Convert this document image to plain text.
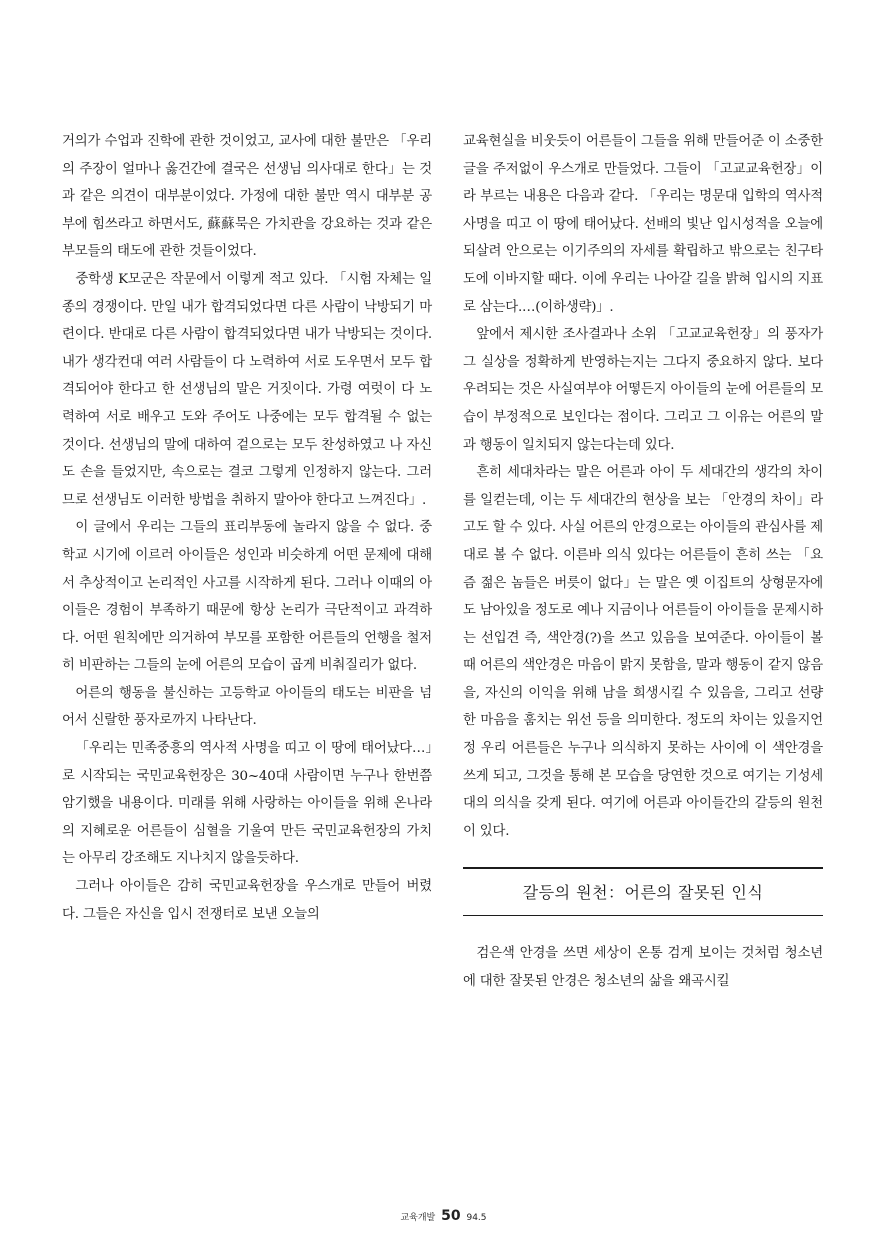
거의가 수업과 진학에 관한 것이었고, 교사에 대한 불만은 「우리의 주장이 얼마나 옳건간에 결국은 선생님 의사대로 한다」는 것과 같은 의견이 대부분이었다. 가정에 대한 불만 역시 대부분 공부에 힘쓰라고 하면서도, 蘇蘇묵은 가치관을 강요하는 것과 같은 부모들의 태도에 관한 것들이었다.

중학생 K모군은 작문에서 이렇게 적고 있다. 「시험 자체는 일종의 경쟁이다. 만일 내가 합격되었다면 다른 사람이 낙방되기 마련이다. 반대로 다른 사람이 합격되었다면 내가 낙방되는 것이다. 내가 생각컨대 여러 사람들이 다 노력하여 서로 도우면서 모두 합격되어야 한다고 한 선생님의 말은 거짓이다. 가령 여럿이 다 노력하여 서로 배우고 도와 주어도 나중에는 모두 합격될 수 없는 것이다. 선생님의 말에 대하여 겉으로는 모두 찬성하였고 나 자신도 손을 들었지만, 속으로는 결코 그렇게 인정하지 않는다. 그러므로 선생님도 이러한 방법을 취하지 말아야 한다고 느껴진다」.

이 글에서 우리는 그들의 표리부동에 놀라지 않을 수 없다. 중학교 시기에 이르러 아이들은 성인과 비슷하게 어떤 문제에 대해서 추상적이고 논리적인 사고를 시작하게 된다. 그러나 이때의 아이들은 경험이 부족하기 때문에 항상 논리가 극단적이고 과격하다. 어떤 원칙에만 의거하여 부모를 포함한 어른들의 언행을 철저히 비판하는 그들의 눈에 어른의 모습이 곱게 비춰질리가 없다.

어른의 행동을 불신하는 고등학교 아이들의 태도는 비판을 넘어서 신랄한 풍자로까지 나타난다.

「우리는 민족중흥의 역사적 사명을 띠고 이 땅에 태어났다…」로 시작되는 국민교육헌장은 30~40대 사람이면 누구나 한번쯤 암기했을 내용이다. 미래를 위해 사랑하는 아이들을 위해 온나라의 지혜로운 어른들이 심혈을 기울여 만든 국민교육헌장의 가치는 아무리 강조해도 지나치지 않을듯하다.

그러나 아이들은 감히 국민교육헌장을 우스개로 만들어 버렸다. 그들은 자신을 입시 전쟁터로 보낸 오늘의

교육현실을 비웃듯이 어른들이 그들을 위해 만들어준 이 소중한 글을 주저없이 우스개로 만들었다. 그들이 「고교교육헌장」이라 부르는 내용은 다음과 같다. 「우리는 명문대 입학의 역사적 사명을 띠고 이 땅에 태어났다. 선배의 빛난 입시성적을 오늘에 되살려 안으로는 이기주의의 자세를 확립하고 밖으로는 친구타도에 이바지할 때다. 이에 우리는 나아갈 길을 밝혀 입시의 지표로 삼는다.…(이하생략)」.

앞에서 제시한 조사결과나 소위 「고교교육헌장」의 풍자가 그 실상을 정확하게 반영하는지는 그다지 중요하지 않다. 보다 우려되는 것은 사실여부야 어떻든지 아이들의 눈에 어른들의 모습이 부정적으로 보인다는 점이다. 그리고 그 이유는 어른의 말과 행동이 일치되지 않는다는데 있다.

흔히 세대차라는 말은 어른과 아이 두 세대간의 생각의 차이를 일컫는데, 이는 두 세대간의 현상을 보는 「안경의 차이」라고도 할 수 있다. 사실 어른의 안경으로는 아이들의 관심사를 제대로 볼 수 없다. 이른바 의식 있다는 어른들이 흔히 쓰는 「요즘 젊은 놈들은 버릇이 없다」는 말은 옛 이집트의 상형문자에도 남아있을 정도로 예나 지금이나 어른들이 아이들을 문제시하는 선입견 즉, 색안경(?)을 쓰고 있음을 보여준다. 아이들이 볼 때 어른의 색안경은 마음이 맑지 못함을, 말과 행동이 같지 않음을, 자신의 이익을 위해 남을 희생시킬 수 있음을, 그리고 선량한 마음을 훔치는 위선 등을 의미한다. 정도의 차이는 있을지언정 우리 어른들은 누구나 의식하지 못하는 사이에 이 색안경을 쓰게 되고, 그것을 통해 본 모습을 당연한 것으로 여기는 기성세대의 의식을 갖게 된다. 여기에 어른과 아이들간의 갈등의 원천이 있다.

갈등의 원천：어른의 잘못된 인식

검은색 안경을 쓰면 세상이 온통 검게 보이는 것처럼 청소년에 대한 잘못된 안경은 청소년의 삶을 왜곡시킬

교육개발 50 94.5
